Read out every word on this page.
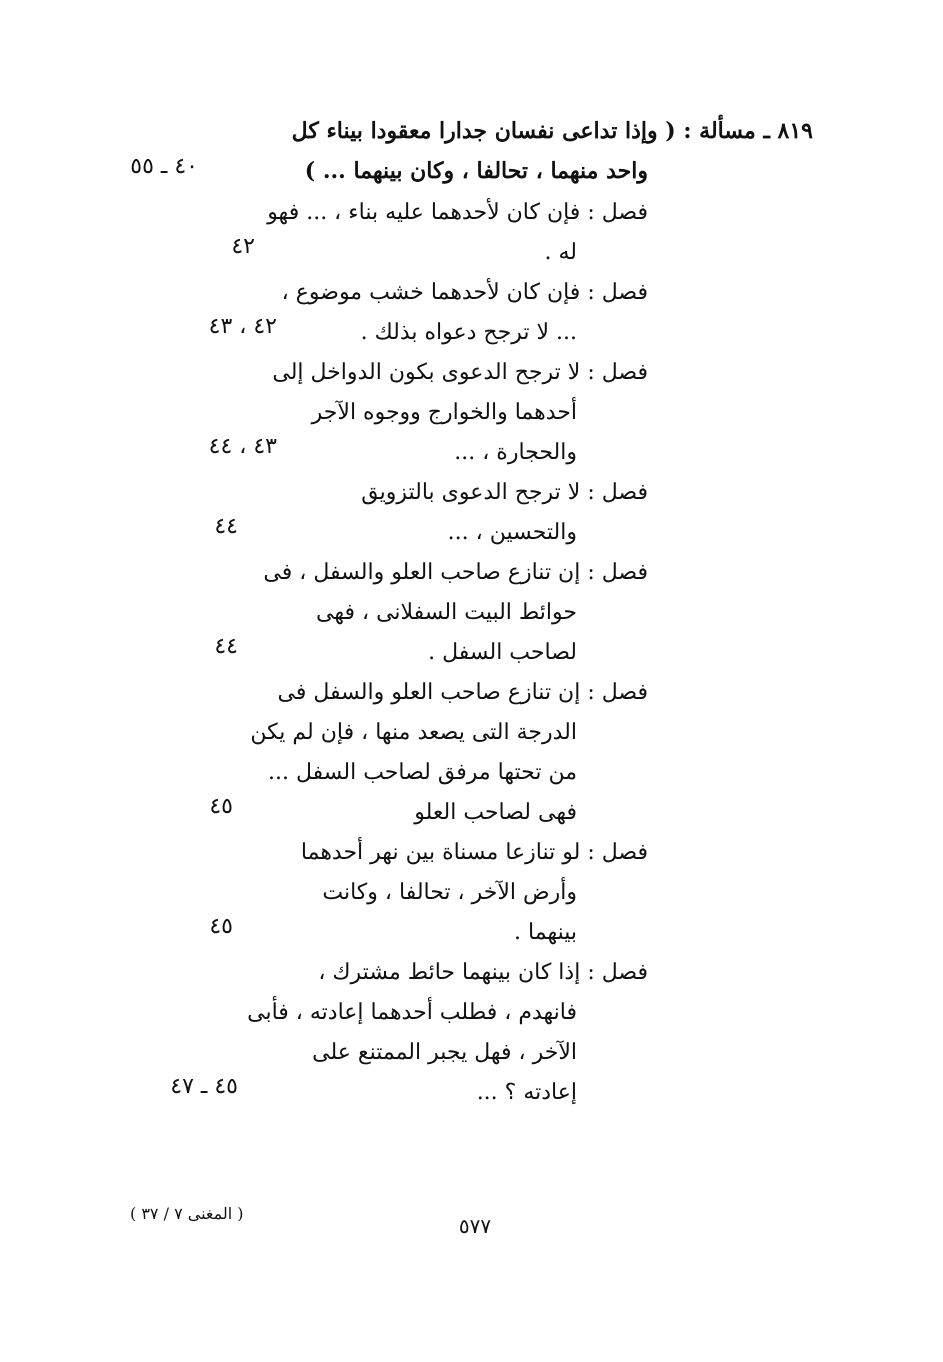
٨١٩ ـ مسألة : ( وإذا تداعى نفسان جدارا معقودا بيناء كل
واحد منهما ، تحالفا ، وكان بينهما ... )
٤٠ ـ ٥٥
فصل : فإن كان لأحدهما عليه بناء ، ... فهو
له .
٤٢
فصل : فإن كان لأحدهما خشب موضوع ،
... لا ترجح دعواه بذلك .
٤٢ ، ٤٣
فصل : لا ترجح الدعوى بكون الدواخل إلى
أحدهما والخوارج ووجوه الآجر
والحجارة ، ...
٤٣ ، ٤٤
فصل : لا ترجح الدعوى بالتزويق
والتحسين ، ...
٤٤
فصل : إن تنازع صاحب العلو والسفل ، فى
حوائط البيت السفلانى ، فهى
لصاحب السفل .
٤٤
فصل : إن تنازع صاحب العلو والسفل فى
الدرجة التى يصعد منها ، فإن لم يكن
من تحتها مرفق لصاحب السفل ...
فهى لصاحب العلو
٤٥
فصل : لو تنازعا مسناة بين نهر أحدهما
وأرض الآخر ، تحالفا ، وكانت
بينهما .
٤٥
فصل : إذا كان بينهما حائط مشترك ،
فانهدم ، فطلب أحدهما إعادته ، فأبى
الآخر ، فهل يجبر الممتنع على
إعادته ؟ ...
٤٥ ـ ٤٧
( المغنى ٧ / ٣٧ )
٥٧٧
